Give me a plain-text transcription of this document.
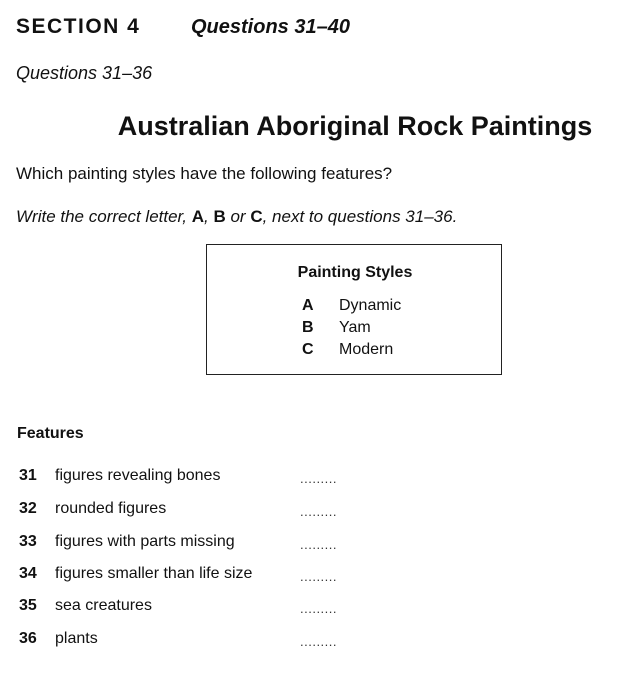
SECTION 4	Questions 31–40
Questions 31–36
Australian Aboriginal Rock Paintings
Which painting styles have the following features?
Write the correct letter, A, B or C, next to questions 31–36.
Painting Styles
A Dynamic
B Yam
C Modern
Features
31 figures revealing bones	.........
32 rounded figures	.........
33 figures with parts missing	.........
34 figures smaller than life size	.........
35 sea creatures	.........
36 plants	.........
